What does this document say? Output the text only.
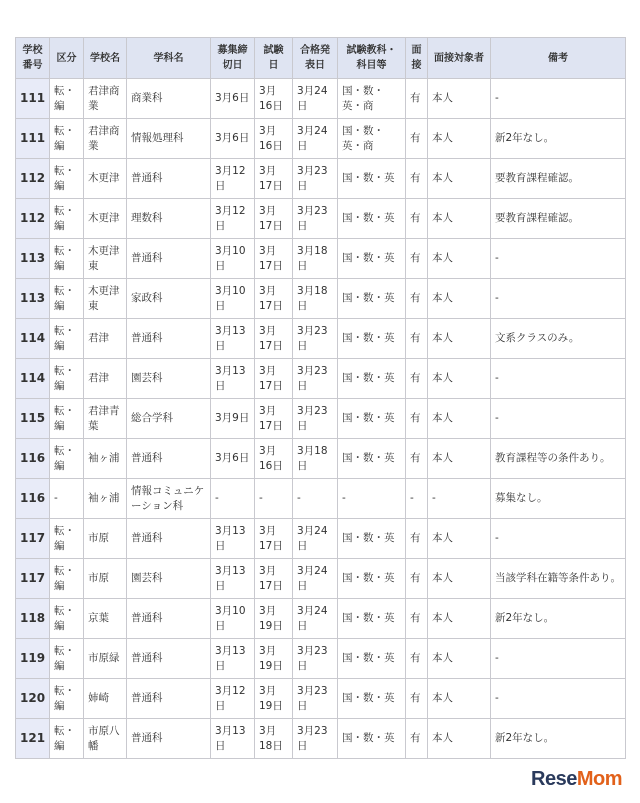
学校番号	区分	学校名	学科名	募集締切日	試験日	合格発表日	試験教科・科目等	面接	面接対象者	備考
111	転・編	君津商業	商業科	3月6日	3月16日	3月24日	国・数・英・商	有	本人	-
111	転・編	君津商業	情報処理科	3月6日	3月16日	3月24日	国・数・英・商	有	本人	新2年なし。
112	転・編	木更津	普通科	3月12日	3月17日	3月23日	国・数・英	有	本人	要教育課程確認。
112	転・編	木更津	理数科	3月12日	3月17日	3月23日	国・数・英	有	本人	要教育課程確認。
113	転・編	木更津東	普通科	3月10日	3月17日	3月18日	国・数・英	有	本人	-
113	転・編	木更津東	家政科	3月10日	3月17日	3月18日	国・数・英	有	本人	-
114	転・編	君津	普通科	3月13日	3月17日	3月23日	国・数・英	有	本人	文系クラスのみ。
114	転・編	君津	園芸科	3月13日	3月17日	3月23日	国・数・英	有	本人	-
115	転・編	君津青葉	総合学科	3月9日	3月17日	3月23日	国・数・英	有	本人	-
116	転・編	袖ヶ浦	普通科	3月6日	3月16日	3月18日	国・数・英	有	本人	教育課程等の条件あり。
116	-	袖ヶ浦	情報コミュニケーション科	-	-	-	-	-	-	募集なし。
117	転・編	市原	普通科	3月13日	3月17日	3月24日	国・数・英	有	本人	-
117	転・編	市原	園芸科	3月13日	3月17日	3月24日	国・数・英	有	本人	当該学科在籍等条件あり。
118	転・編	京葉	普通科	3月10日	3月19日	3月24日	国・数・英	有	本人	新2年なし。
119	転・編	市原緑	普通科	3月13日	3月19日	3月23日	国・数・英	有	本人	-
120	転・編	姉崎	普通科	3月12日	3月19日	3月23日	国・数・英	有	本人	-
121	転・編	市原八幡	普通科	3月13日	3月18日	3月23日	国・数・英	有	本人	新2年なし。
ReseMom
